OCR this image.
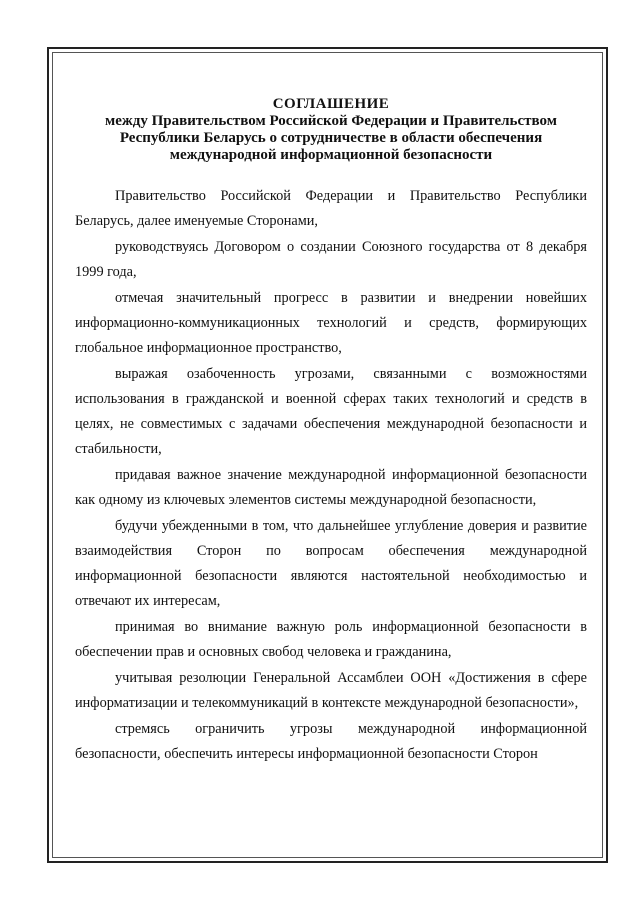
СОГЛАШЕНИЕ

между Правительством Российской Федерации и Правительством

Республики Беларусь о сотрудничестве в области обеспечения

международной информационной безопасности

Правительство Российской Федерации и Правительство Республики Беларусь, далее именуемые Сторонами,

руководствуясь Договором о создании Союзного государства от 8 декабря 1999 года,

отмечая значительный прогресс в развитии и внедрении новейших информационно-коммуникационных технологий и средств, формирующих глобальное информационное пространство,

выражая озабоченность угрозами, связанными с возможностями использования в гражданской и военной сферах таких технологий и средств в целях, не совместимых с задачами обеспечения международной безопасности и стабильности,

придавая важное значение международной информационной безопасности как одному из ключевых элементов системы международной безопасности,

будучи убежденными в том, что дальнейшее углубление доверия и развитие взаимодействия Сторон по вопросам обеспечения международной информационной безопасности являются настоятельной необходимостью и отвечают их интересам,

принимая во внимание важную роль информационной безопасности в обеспечении прав и основных свобод человека и гражданина,

учитывая резолюции Генеральной Ассамблеи ООН «Достижения в сфере информатизации и телекоммуникаций в контексте международной безопасности»,

стремясь ограничить угрозы международной информационной безопасности, обеспечить интересы информационной безопасности Сторон
